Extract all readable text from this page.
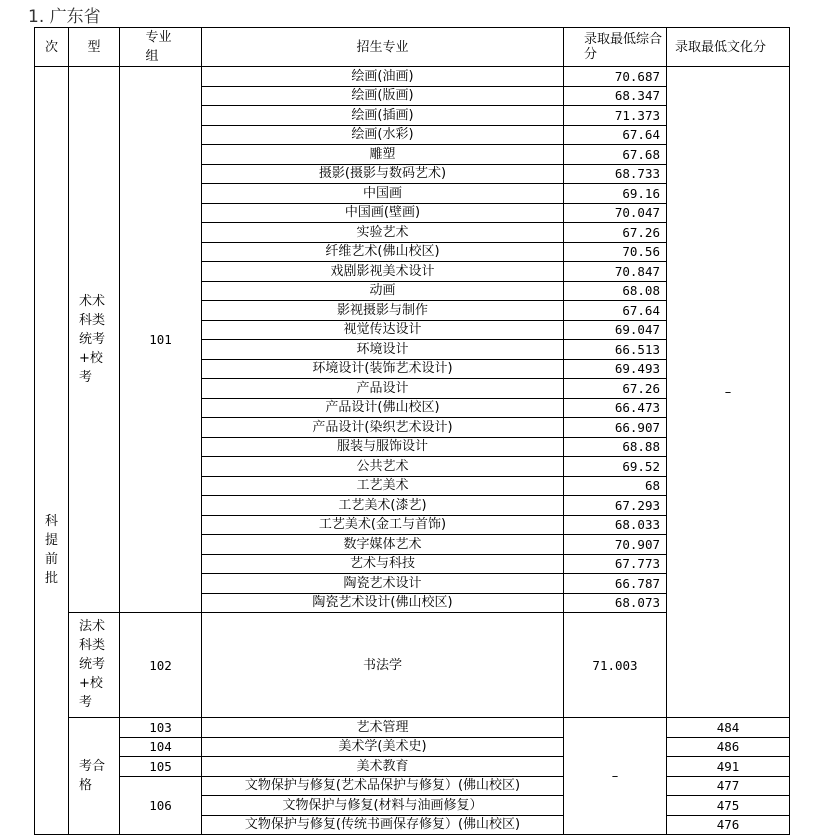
1. 广东省
次	型	专业组	招生专业	录取最低综合分	录取最低文化分
科提前批	术术科类统考+校考	101	绘画(油画)	70.687	–
			绘画(版画)	68.347	
			绘画(插画)	71.373	
			绘画(水彩)	67.64	
			雕塑	67.68	
			摄影(摄影与数码艺术)	68.733	
			中国画	69.16	
			中国画(壁画)	70.047	
			实验艺术	67.26	
			纤维艺术(佛山校区)	70.56	
			戏剧影视美术设计	70.847	
			动画	68.08	
			影视摄影与制作	67.64	
			视觉传达设计	69.047	
			环境设计	66.513	
			环境设计(装饰艺术设计)	69.493	
			产品设计	67.26	
			产品设计(佛山校区)	66.473	
			产品设计(染织艺术设计)	66.907	
			服装与服饰设计	68.88	
			公共艺术	69.52	
			工艺美术	68	
			工艺美术(漆艺)	67.293	
			工艺美术(金工与首饰)	68.033	
			数字媒体艺术	70.907	
			艺术与科技	67.773	
			陶瓷艺术设计	66.787	
			陶瓷艺术设计(佛山校区)	68.073	
	法术科类统考+校考	102	书法学	71.003	
	考合格	103	艺术管理	–	484
		104	美术学(美术史)		486
		105	美术教育		491
		106	文物保护与修复(艺术品保护与修复）(佛山校区)		477
			文物保护与修复(材料与油画修复）		475
			文物保护与修复(传统书画保存修复）(佛山校区)		476
